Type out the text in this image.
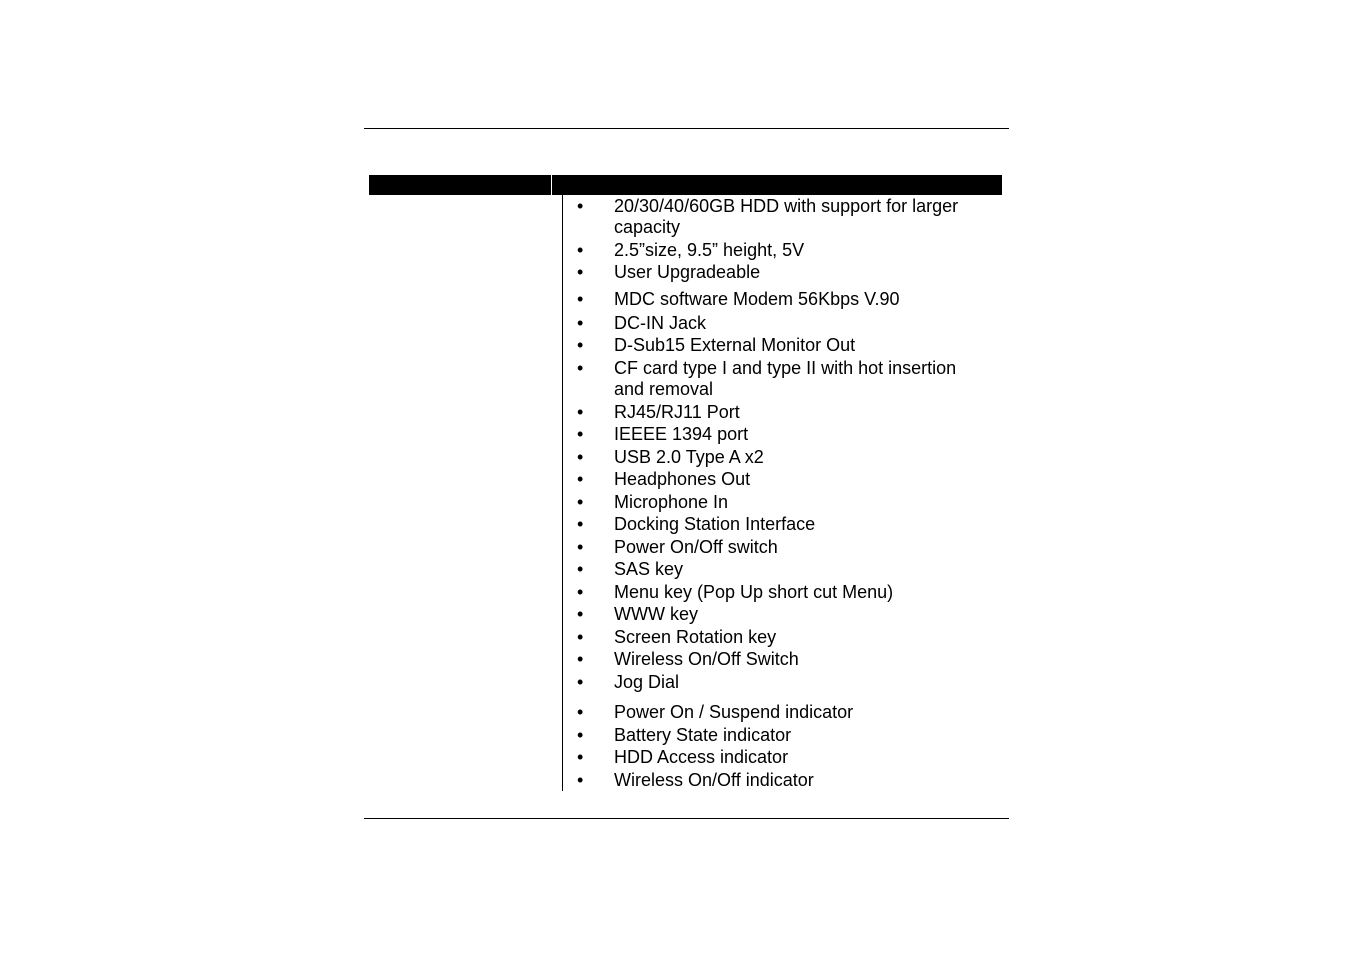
• 20/30/40/60GB HDD with support for larger capacity
• 2.5”size, 9.5” height, 5V
• User Upgradeable
• MDC software Modem 56Kbps V.90
• DC-IN Jack
• D-Sub15 External Monitor Out
• CF card type I and type II with hot insertion and removal
• RJ45/RJ11 Port
• IEEEE 1394 port
• USB 2.0 Type A x2
• Headphones Out
• Microphone In
• Docking Station Interface
• Power On/Off switch
• SAS key
• Menu key (Pop Up short cut Menu)
• WWW key
• Screen Rotation key
• Wireless On/Off Switch
• Jog Dial
• Power On / Suspend indicator
• Battery State indicator
• HDD Access indicator
• Wireless On/Off indicator
